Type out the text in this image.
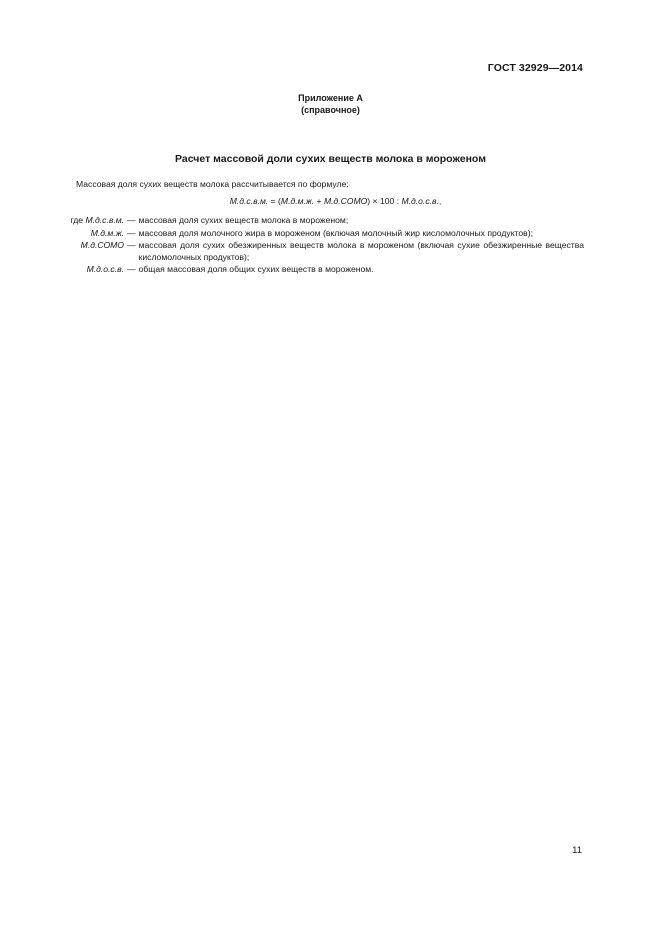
ГОСТ 32929—2014
Приложение А
(справочное)
Расчет массовой доли сухих веществ молока в мороженом
Массовая доля сухих веществ молока рассчитывается по формуле:
М.д.с.в.м. = (М.д.м.ж. + М.д.СОМО) × 100 : М.д.о.с.в.,
где М.д.с.в.м. — массовая доля сухих веществ молока в мороженом;
М.д.м.ж. — массовая доля молочного жира в мороженом (включая молочный жир кисломолочных продуктов);
М.д.СОМО — массовая доля сухих обезжиренных веществ молока в мороженом (включая сухие обезжиренные вещества кисломолочных продуктов);
М.д.о.с.в. — общая массовая доля общих сухих веществ в мороженом.
11
